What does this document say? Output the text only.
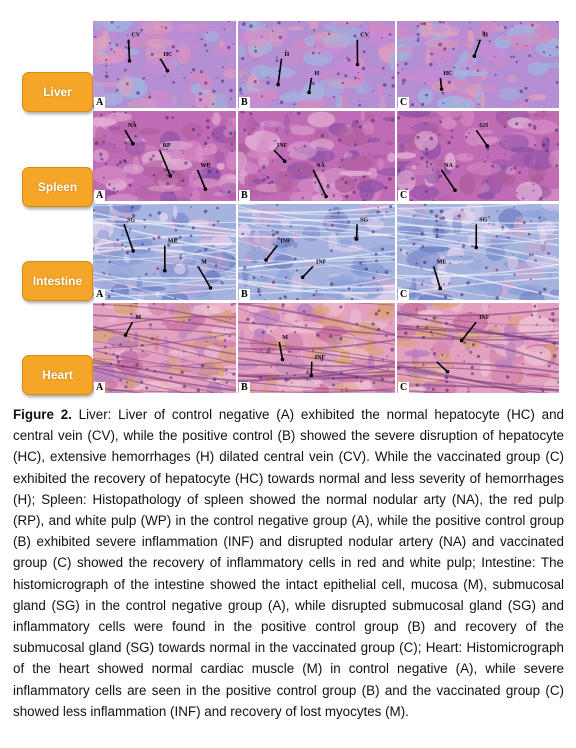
Liver
Spleen
Intestine
Heart
CV
HC
A
H
H
CV
B
HC
H
C
NA
RP
WP
A
INF
NA
B
NA
GN
C
SG
ME
M
A
INF
INF
SG
B
ME
SG
C
M
A
M
INF
B
M
INF
C

Figure 2. Liver: Liver of control negative (A) exhibited the normal hepatocyte (HC) and central vein (CV), while the positive control (B) showed the severe disruption of hepatocyte (HC), extensive hemorrhages (H) dilated central vein (CV). While the vaccinated group (C) exhibited the recovery of hepatocyte (HC) towards normal and less severity of hemorrhages (H); Spleen: Histopathology of spleen showed the normal nodular arty (NA), the red pulp (RP), and white pulp (WP) in the control negative group (A), while the positive control group (B) exhibited severe inflammation (INF) and disrupted nodular artery (NA) and vaccinated group (C) showed the recovery of inflammatory cells in red and white pulp; Intestine: The histomicrograph of the intestine showed the intact epithelial cell, mucosa (M), submucosal gland (SG) in the control negative group (A), while disrupted submucosal gland (SG) and inflammatory cells were found in the positive control group (B) and recovery of the submucosal gland (SG) towards normal in the vaccinated group (C); Heart: Histomicrograph of the heart showed normal cardiac muscle (M) in control negative (A), while severe inflammatory cells are seen in the positive control group (B) and the vaccinated group (C) showed less inflammation (INF) and recovery of lost myocytes (M).
